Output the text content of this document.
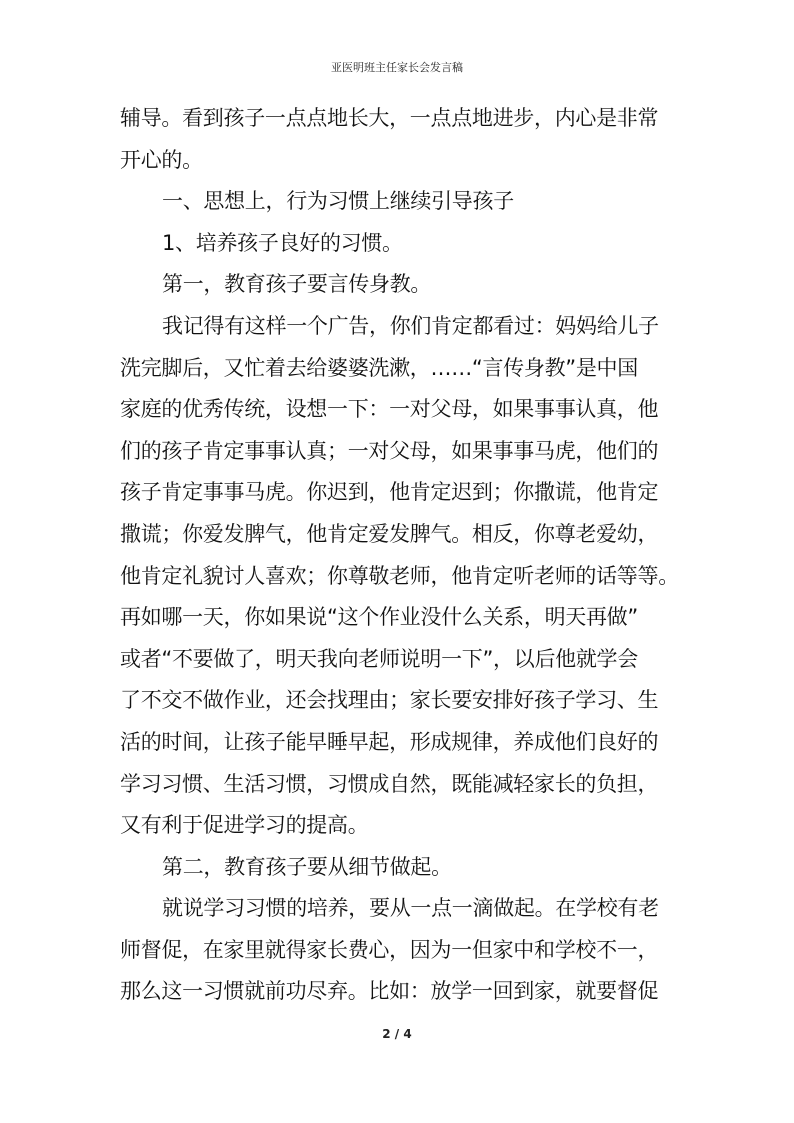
亚医明班主任家长会发言稿
辅导。看到孩子一点点地长大，一点点地进步，内心是非常
开心的。
一、思想上，行为习惯上继续引导孩子
1、培养孩子良好的习惯。
第一，教育孩子要言传身教。
我记得有这样一个广告，你们肯定都看过：妈妈给儿子
洗完脚后，又忙着去给婆婆洗漱，……“言传身教”是中国
家庭的优秀传统，设想一下：一对父母，如果事事认真，他
们的孩子肯定事事认真；一对父母，如果事事马虎，他们的
孩子肯定事事马虎。你迟到，他肯定迟到；你撒谎，他肯定
撒谎；你爱发脾气，他肯定爱发脾气。相反，你尊老爱幼，
他肯定礼貌讨人喜欢；你尊敬老师，他肯定听老师的话等等。
再如哪一天，你如果说“这个作业没什么关系，明天再做”
或者“不要做了，明天我向老师说明一下”，以后他就学会
了不交不做作业，还会找理由；家长要安排好孩子学习、生
活的时间，让孩子能早睡早起，形成规律，养成他们良好的
学习习惯、生活习惯，习惯成自然，既能减轻家长的负担，
又有利于促进学习的提高。
第二，教育孩子要从细节做起。
就说学习习惯的培养，要从一点一滴做起。在学校有老
师督促，在家里就得家长费心，因为一但家中和学校不一，
那么这一习惯就前功尽弃。比如：放学一回到家，就要督促
2 / 4
